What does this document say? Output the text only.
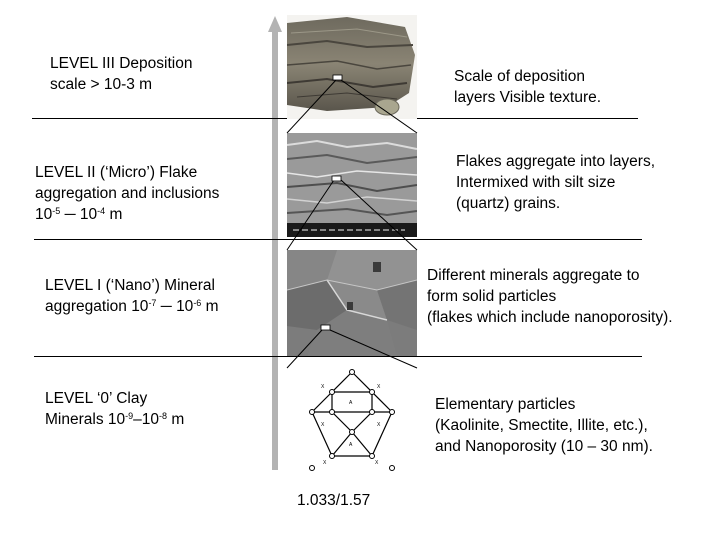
X	X
A
X	X
A
X	X
LEVEL III Deposition
scale > 10-3 m	Scale of deposition
layers Visible texture.
LEVEL II (‘Micro’) Flake
aggregation and inclusions
$10^{-5}$ ─ $10^{-4}$ m
Flakes aggregate into layers,
Intermixed with silt size
(quartz) grains.
LEVEL I (‘Nano’) Mineral
aggregation $10^{-7}$ ─ $10^{-6}$ m
Different minerals aggregate to
form solid particles
(flakes which include nanoporosity).
LEVEL ‘0’ Clay
Minerals $10^{-9}-10^{-8}$ m
Elementary particles
(Kaolinite, Smectite, Illite, etc.),
and Nanoporosity (10 – 30 nm).
1.033/1.57
